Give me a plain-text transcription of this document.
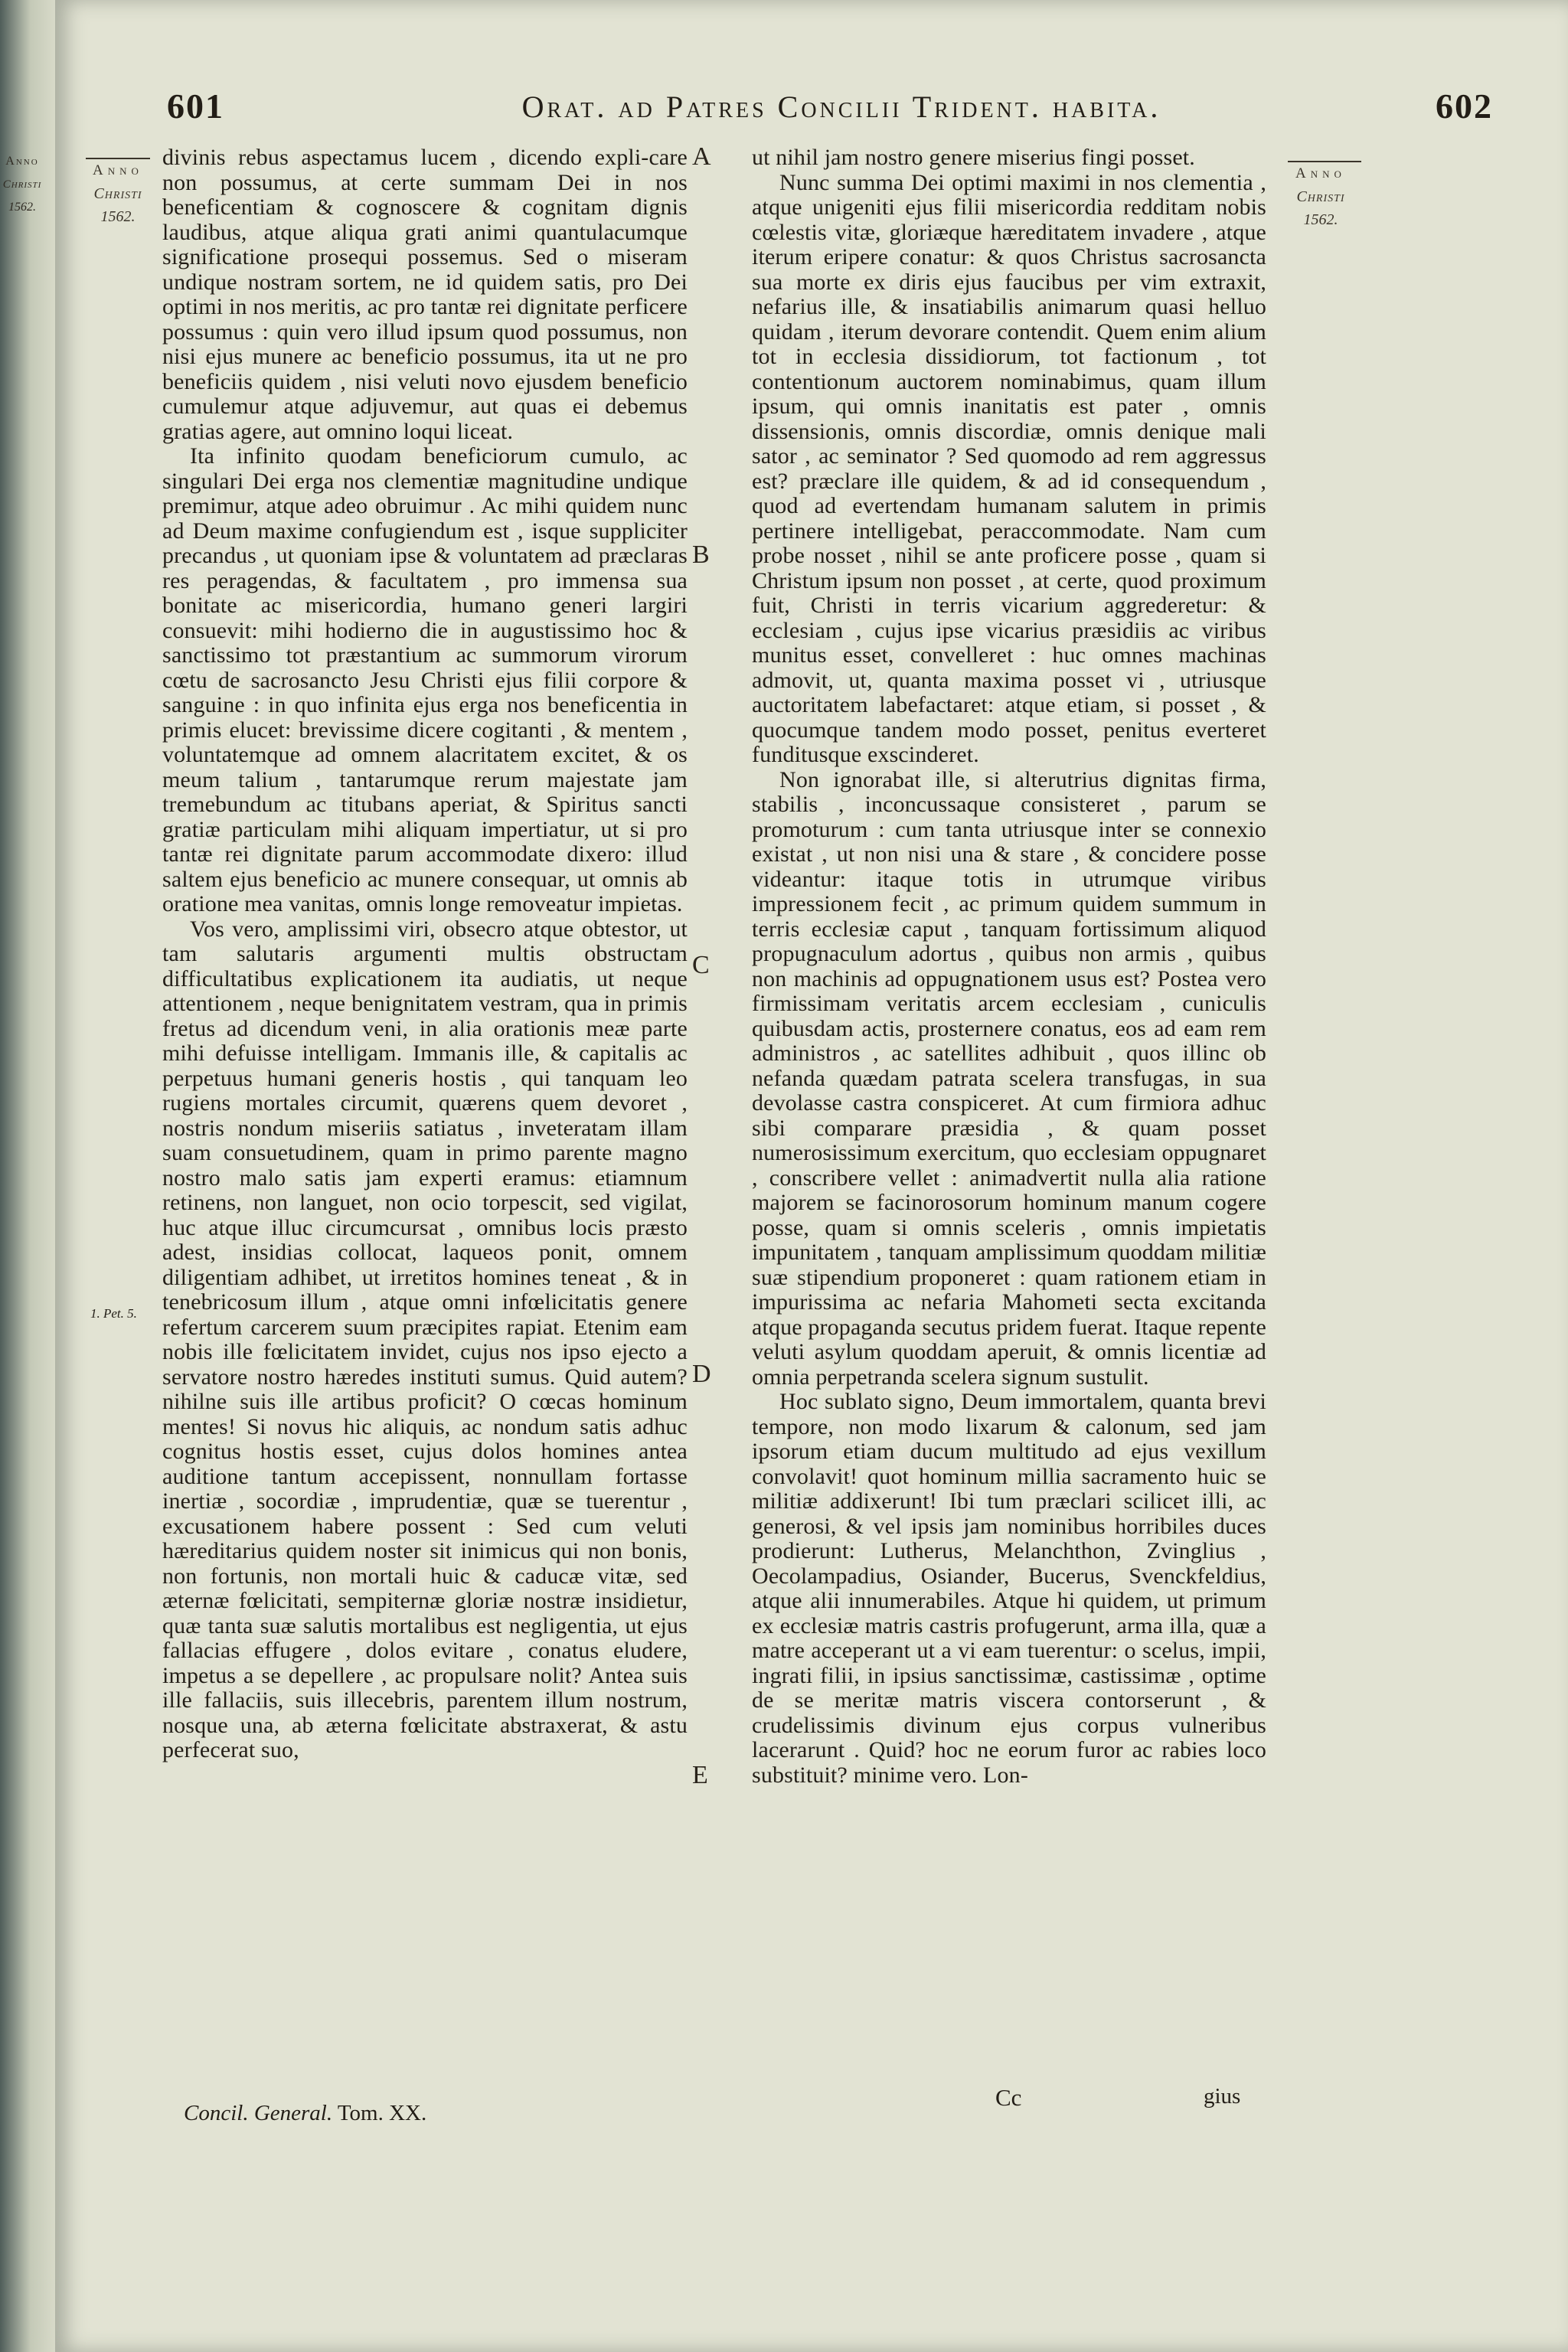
Anno
Christi
1562.
601	Orat. ad Patres Concilii Trident. habita.	602
Anno
Christi
1562.
Anno
Christi
1562.
1. Pet. 5.
A
B
C
D
E

divinis rebus aspectamus lucem , dicendo expli-care non possumus, at certe summam Dei in nos beneficentiam & cognoscere & cognitam dignis laudibus, atque aliqua grati animi quantulacumque significatione prosequi possemus. Sed o miseram undique nostram sortem, ne id quidem satis, pro Dei optimi in nos meritis, ac pro tantæ rei dignitate perficere possumus : quin vero illud ipsum quod possumus, non nisi ejus munere ac beneficio possumus, ita ut ne pro beneficiis quidem , nisi veluti novo ejusdem beneficio cumulemur atque adjuvemur, aut quas ei debemus gratias agere, aut omnino loqui liceat.

Ita infinito quodam beneficiorum cumulo, ac singulari Dei erga nos clementiæ magnitudine undique premimur, atque adeo obruimur . Ac mihi quidem nunc ad Deum maxime confugiendum est , isque suppliciter precandus , ut quoniam ipse & voluntatem ad præclaras res peragendas, & facultatem , pro immensa sua bonitate ac misericordia, humano generi largiri consuevit: mihi hodierno die in augustissimo hoc & sanctissimo tot præstantium ac summorum virorum cœtu de sacrosancto Jesu Christi ejus filii corpore & sanguine : in quo infinita ejus erga nos beneficentia in primis elucet: brevissime dicere cogitanti , & mentem , voluntatemque ad omnem alacritatem excitet, & os meum talium , tantarumque rerum majestate jam tremebundum ac titubans aperiat, & Spiritus sancti gratiæ particulam mihi aliquam impertiatur, ut si pro tantæ rei dignitate parum accommodate dixero: illud saltem ejus beneficio ac munere consequar, ut omnis ab oratione mea vanitas, omnis longe removeatur impietas.

Vos vero, amplissimi viri, obsecro atque obtestor, ut tam salutaris argumenti multis obstructam difficultatibus explicationem ita audiatis, ut neque attentionem , neque benignitatem vestram, qua in primis fretus ad dicendum veni, in alia orationis meæ parte mihi defuisse intelligam. Immanis ille, & capitalis ac perpetuus humani generis hostis , qui tanquam leo rugiens mortales circumit, quærens quem devoret , nostris nondum miseriis satiatus , inveteratam illam suam consuetudinem, quam in primo parente magno nostro malo satis jam experti eramus: etiamnum retinens, non languet, non ocio torpescit, sed vigilat, huc atque illuc circumcursat , omnibus locis præsto adest, insidias collocat, laqueos ponit, omnem diligentiam adhibet, ut irretitos homines teneat , & in tenebricosum illum , atque omni infœlicitatis genere refertum carcerem suum præcipites rapiat. Etenim eam nobis ille fœlicitatem invidet, cujus nos ipso ejecto a servatore nostro hæredes instituti sumus. Quid autem? nihilne suis ille artibus proficit? O cœcas hominum mentes! Si novus hic aliquis, ac nondum satis adhuc cognitus hostis esset, cujus dolos homines antea auditione tantum accepissent, nonnullam fortasse inertiæ , socordiæ , imprudentiæ, quæ se tuerentur , excusationem habere possent : Sed cum veluti hæreditarius quidem noster sit inimicus qui non bonis, non fortunis, non mortali huic & caducæ vitæ, sed æternæ fœlicitati, sempiternæ gloriæ nostræ insidietur, quæ tanta suæ salutis mortalibus est negligentia, ut ejus fallacias effugere , dolos evitare , conatus eludere, impetus a se depellere , ac propulsare nolit? Antea suis ille fallaciis, suis illecebris, parentem illum nostrum, nosque una, ab æterna fœlicitate abstraxerat, & astu perfecerat suo,

ut nihil jam nostro genere miserius fingi posset.

Nunc summa Dei optimi maximi in nos clementia , atque unigeniti ejus filii misericordia redditam nobis cœlestis vitæ, gloriæque hæreditatem invadere , atque iterum eripere conatur: & quos Christus sacrosancta sua morte ex diris ejus faucibus per vim extraxit, nefarius ille, & insatiabilis animarum quasi helluo quidam , iterum devorare contendit. Quem enim alium tot in ecclesia dissidiorum, tot factionum , tot contentionum auctorem nominabimus, quam illum ipsum, qui omnis inanitatis est pater , omnis dissensionis, omnis discordiæ, omnis denique mali sator , ac seminator ? Sed quomodo ad rem aggressus est? præclare ille quidem, & ad id consequendum , quod ad evertendam humanam salutem in primis pertinere intelligebat, peraccommodate. Nam cum probe nosset , nihil se ante proficere posse , quam si Christum ipsum non posset , at certe, quod proximum fuit, Christi in terris vicarium aggrederetur: & ecclesiam , cujus ipse vicarius præsidiis ac viribus munitus esset, convelleret : huc omnes machinas admovit, ut, quanta maxima posset vi , utriusque auctoritatem labefactaret: atque etiam, si posset , & quocumque tandem modo posset, penitus everteret funditusque exscinderet.

Non ignorabat ille, si alterutrius dignitas firma, stabilis , inconcussaque consisteret , parum se promoturum : cum tanta utriusque inter se connexio existat , ut non nisi una & stare , & concidere posse videantur: itaque totis in utrumque viribus impressionem fecit , ac primum quidem summum in terris ecclesiæ caput , tanquam fortissimum aliquod propugnaculum adortus , quibus non armis , quibus non machinis ad oppugnationem usus est? Postea vero firmissimam veritatis arcem ecclesiam , cuniculis quibusdam actis, prosternere conatus, eos ad eam rem administros , ac satellites adhibuit , quos illinc ob nefanda quædam patrata scelera transfugas, in sua devolasse castra conspiceret. At cum firmiora adhuc sibi comparare præsidia , & quam posset numerosissimum exercitum, quo ecclesiam oppugnaret , conscribere vellet : animadvertit nulla alia ratione majorem se facinorosorum hominum manum cogere posse, quam si omnis sceleris , omnis impietatis impunitatem , tanquam amplissimum quoddam militiæ suæ stipendium proponeret : quam rationem etiam in impurissima ac nefaria Mahometi secta excitanda atque propaganda secutus pridem fuerat. Itaque repente veluti asylum quoddam aperuit, & omnis licentiæ ad omnia perpetranda scelera signum sustulit.

Hoc sublato signo, Deum immortalem, quanta brevi tempore, non modo lixarum & calonum, sed jam ipsorum etiam ducum multitudo ad ejus vexillum convolavit! quot hominum millia sacramento huic se militiæ addixerunt! Ibi tum præclari scilicet illi, ac generosi, & vel ipsis jam nominibus horribiles duces prodierunt: Lutherus, Melanchthon, Zvinglius , Oecolampadius, Osiander, Bucerus, Svenckfeldius, atque alii innumerabiles. Atque hi quidem, ut primum ex ecclesiæ matris castris profugerunt, arma illa, quæ a matre acceperant ut a vi eam tuerentur: o scelus, impii, ingrati filii, in ipsius sanctissimæ, castissimæ , optime de se meritæ matris viscera contorserunt , & crudelissimis divinum ejus corpus vulneribus lacerarunt . Quid? hoc ne eorum furor ac rabies loco substituit? minime vero. Lon-

Concil. General. Tom. XX.
Cc	gius
